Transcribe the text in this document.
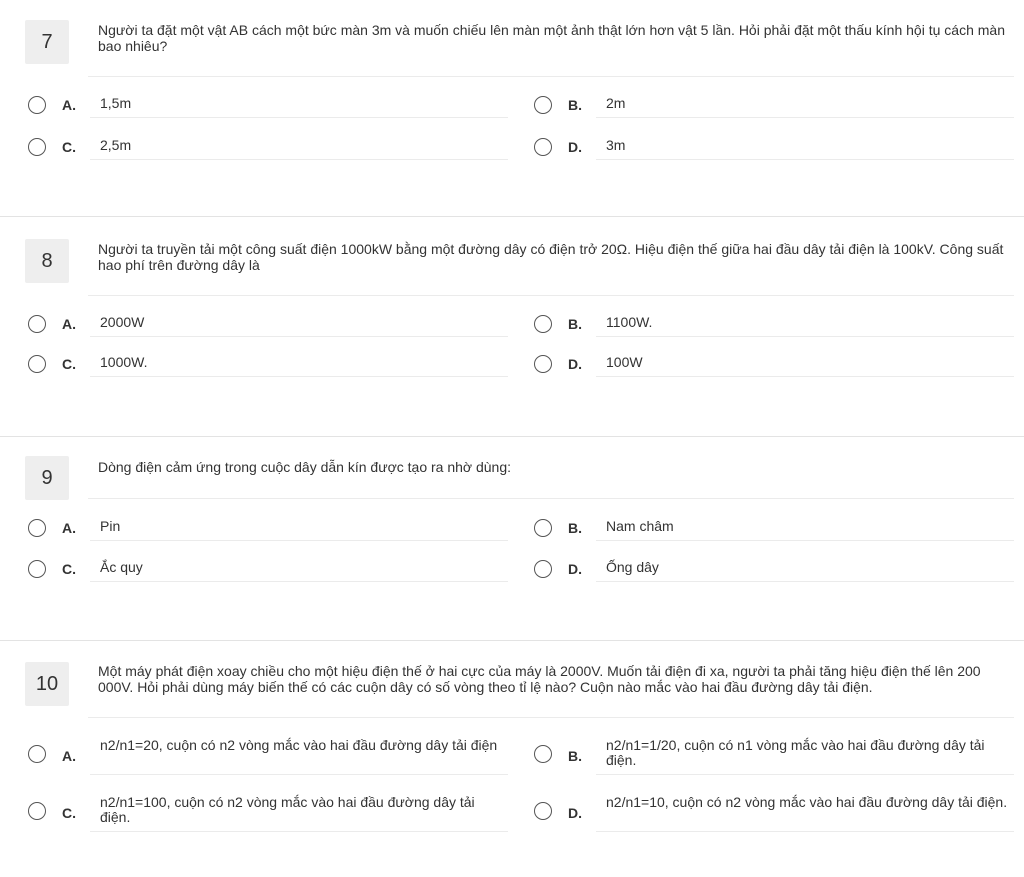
7
Người ta đặt một vật AB cách một bức màn 3m và muốn chiếu lên màn một ảnh thật lớn hơn vật 5 lần. Hỏi phải đặt một thấu kính hội tụ cách màn bao nhiêu?
A. 1,5m	B. 2m
C. 2,5m	D. 3m
8
Người ta truyền tải một công suất điện 1000kW bằng một đường dây có điện trở 20Ω. Hiệu điện thế giữa hai đầu dây tải điện là 100kV. Công suất hao phí trên đường dây là
A. 2000W	B. 1100W.
C. 1000W.	D. 100W
9	Dòng điện cảm ứng trong cuộc dây dẫn kín được tạo ra nhờ dùng:
A. Pin	B. Nam châm
C. Ắc quy	D. Ống dây
10
Một máy phát điện xoay chiều cho một hiệu điện thế ở hai cực của máy là 2000V. Muốn tải điện đi xa, người ta phải tăng hiệu điện thế lên 200 000V. Hỏi phải dùng máy biến thế có các cuộn dây có số vòng theo tỉ lệ nào? Cuộn nào mắc vào hai đầu đường dây tải điện.
A.
n2/n1=20, cuộn có n2 vòng mắc vào hai đầu đường dây tải điện
B.
n2/n1=1/20, cuộn có n1 vòng mắc vào hai đầu đường dây tải điện.
C.
n2/n1=100, cuộn có n2 vòng mắc vào hai đầu đường dây tải điện.	D.
n2/n1=10, cuộn có n2 vòng mắc vào hai đầu đường dây tải điện.
